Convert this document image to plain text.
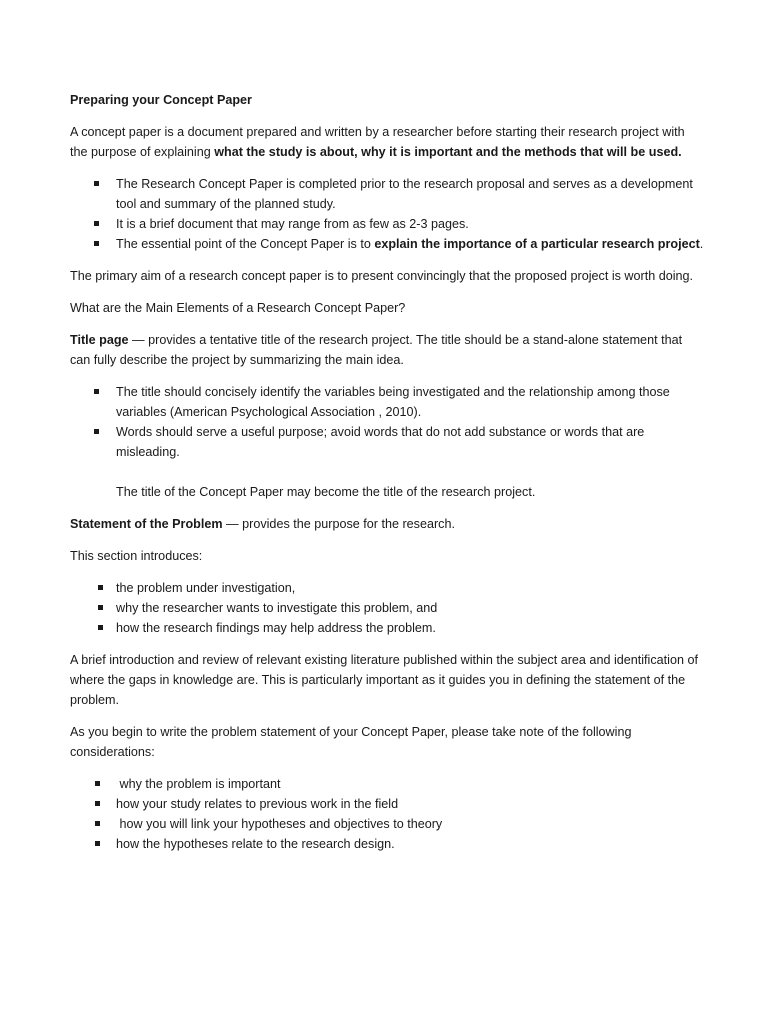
Preparing your Concept Paper

A concept paper is a document prepared and written by a researcher before starting their research project with the purpose of explaining what the study is about, why it is important and the methods that will be used.

The Research Concept Paper is completed prior to the research proposal and serves as a development tool and summary of the planned study.
It is a brief document that may range from as few as 2-3 pages.
The essential point of the Concept Paper is to explain the importance of a particular research project.

The primary aim of a research concept paper is to present convincingly that the proposed project is worth doing.

What are the Main Elements of a Research Concept Paper?

Title page — provides a tentative title of the research project. The title should be a stand-alone statement that can fully describe the project by summarizing the main idea.

The title should concisely identify the variables being investigated and the relationship among those variables (American Psychological Association , 2010).
Words should serve a useful purpose; avoid words that do not add substance or words that are misleading.
The title of the Concept Paper may become the title of the research project.

Statement of the Problem — provides the purpose for the research.

This section introduces:

the problem under investigation,
why the researcher wants to investigate this problem, and
how the research findings may help address the problem.

A brief introduction and review of relevant existing literature published within the subject area and identification of where the gaps in knowledge are. This is particularly important as it guides you in defining the statement of the problem.

As you begin to write the problem statement of your Concept Paper, please take note of the following considerations:

why the problem is important
how your study relates to previous work in the field
how you will link your hypotheses and objectives to theory
how the hypotheses relate to the research design.
